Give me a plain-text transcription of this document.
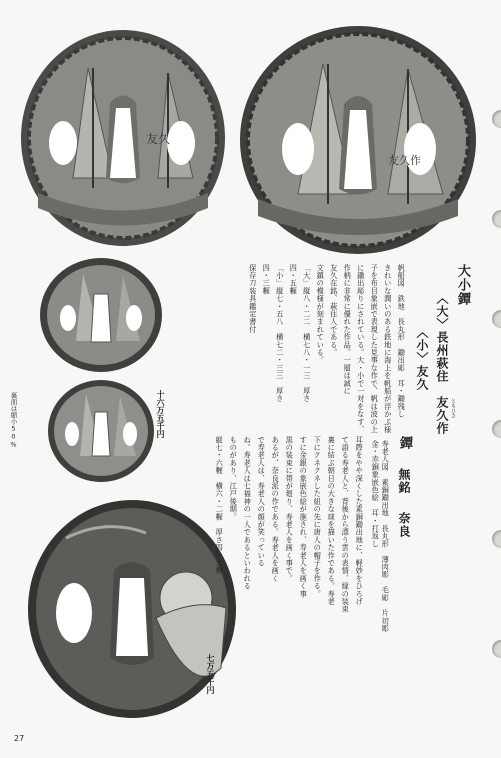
友久
友久作
裏面は縮小50%
大小鐔
〈大〉長州萩住
友久作 ともひさ
〈小〉友久
帆船図　鉄地　長丸形　鋤出彫　耳・鋤残し
きれいな潤いのある鉄地に海上を帆船が浮かぶ様
子を布目象嵌で表現した見事な作で、帆は波の上
に鋤出彫りにされている。大・小で一対をなす、
作柄に非常に優れた作品。一層は誠に
友久在銘、萩住人である。
文鎮の模様が刻まれている。
「大」縦八・二二　横七八・一三　厚さ
四・五糎
「小」縦七・五八　横七二・三三　厚さ
四・三糎
保存刀装具鑑定書付
十六万五千円
鐔
無銘
奈良
寿老人図　素銅鋤出地　長丸形　薄肉彫　毛彫　片切彫
金・赤銅象嵌色絵　耳・打返し
耳際をやや深くした素銅鋤出地に、軽妙をひろげ
て語る寿老人と、背後から漂う雲の表情、縁の装束
裏に結ぶ朝日の大きな球を描いた作である。寿老
下にクネクネした紐の先に唐人の帽子を作る。
すに金銀の象嵌色絵が施され、寿老人を画く事
黒の装束に帯が廻り、寿老人を画く事で。
あるが、奈良派の作である。寿老人を画く
で寿老人は、寿老人の顔が笑っている
ね。寿老人は七福神の一人であるといわれる
ものがあり、江戸後期。
縦七・六糎　横六・二糎　厚さ四・九糎
七万五千円
27
